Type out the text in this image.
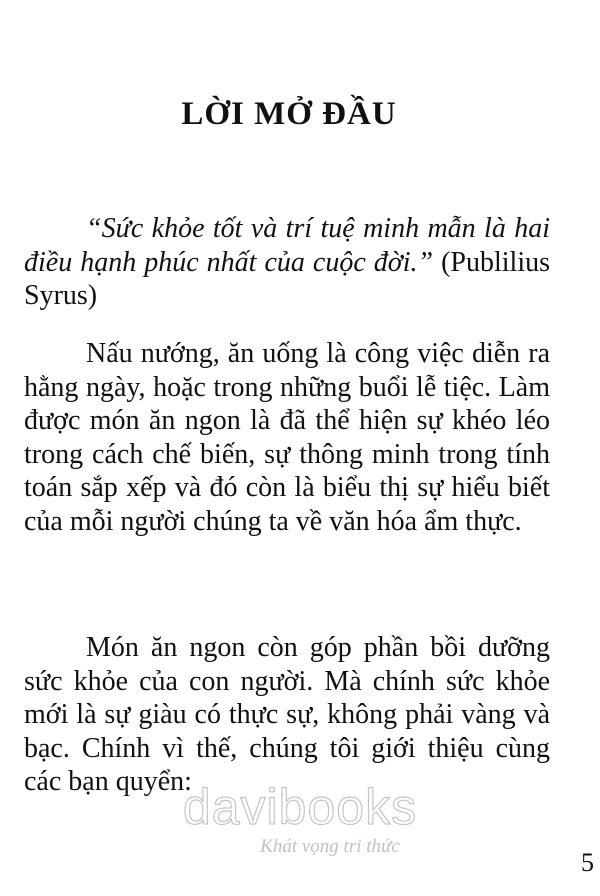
LỜI MỞ ĐẦU

“Sức khỏe tốt và trí tuệ minh mẫn là hai điều hạnh phúc nhất của cuộc đời.” (Publilius Syrus)

Nấu nướng, ăn uống là công việc diễn ra hằng ngày, hoặc trong những buổi lễ tiệc. Làm được món ăn ngon là đã thể hiện sự khéo léo trong cách chế biến, sự thông minh trong tính toán sắp xếp và đó còn là biểu thị sự hiểu biết của mỗi người chúng ta về văn hóa ẩm thực.

Món ăn ngon còn góp phần bồi dưỡng sức khỏe của con người. Mà chính sức khỏe mới là sự giàu có thực sự, không phải vàng và bạc. Chính vì thế, chúng tôi giới thiệu cùng các bạn quyển:

davibooks
Khát vọng tri thức
5
